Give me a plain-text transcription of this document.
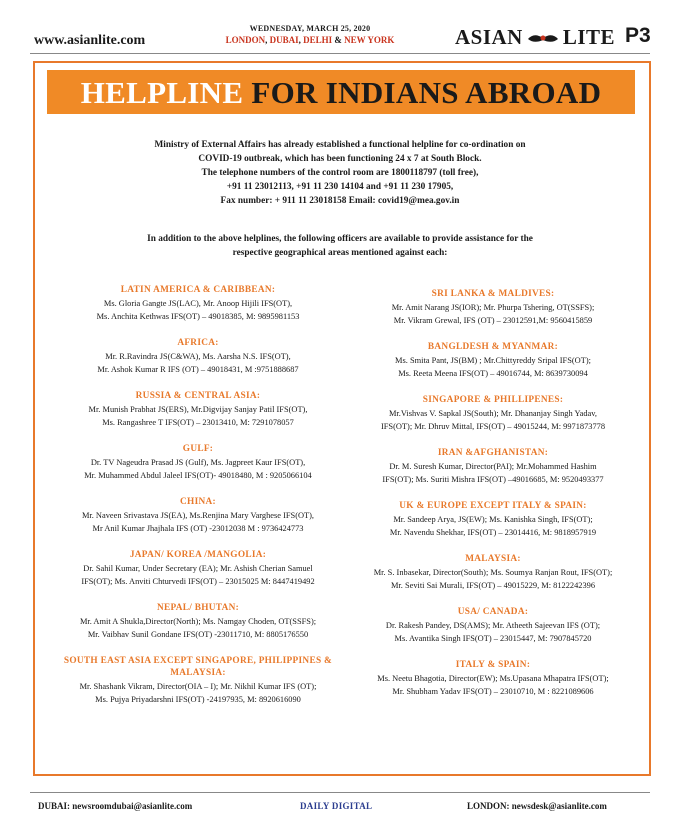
www.asianlite.com
WEDNESDAY, MARCH 25, 2020
LONDON, DUBAI, DELHI & NEW YORK	ASIAN LITE P3
HELPLINE FOR INDIANS ABROAD
Ministry of External Affairs has already established a functional helpline for co-ordination on
COVID-19 outbreak, which has been functioning 24 x 7 at South Block.
The telephone numbers of the control room are 1800118797 (toll free),
+91 11 23012113, +91 11 230 14104 and +91 11 230 17905,
Fax number: + 911 11 23018158 Email: covid19@mea.gov.in
In addition to the above helplines, the following officers are available to provide assistance for the
respective geographical areas mentioned against each:
LATIN AMERICA & CARIBBEAN:
Ms. Gloria Gangte JS(LAC), Mr. Anoop Hijili IFS(OT),
Ms. Anchita Kethwas IFS(OT) – 49018385, M: 9895981153
AFRICA:
Mr. R.Ravindra JS(C&WA), Ms. Aarsha N.S. IFS(OT),
Mr. Ashok Kumar R IFS (OT) – 49018431, M :9751888687
RUSSIA & CENTRAL ASIA:
Mr. Munish Prabhat JS(ERS), Mr.Digvijay Sanjay Patil IFS(OT),
Ms. Rangashree T IFS(OT) – 23013410, M: 7291078057
GULF:
Dr. TV Nageudra Prasad JS (Gulf), Ms. Jagpreet Kaur IFS(OT),
Mr. Muhammed Abdul Jaleel IFS(OT)- 49018480, M : 9205066104
CHINA:
Mr. Naveen Srivastava JS(EA), Ms.Renjina Mary Varghese IFS(OT),
Mr Anil Kumar Jhajhala IFS (OT) -23012038 M : 9736424773
JAPAN/ KOREA /MANGOLIA:
Dr. Sahil Kumar, Under Secretary (EA); Mr. Ashish Cherian Samuel
IFS(OT); Ms. Anviti Chturvedi IFS(OT) – 23015025 M: 8447419492
NEPAL/ BHUTAN:
Mr. Amit A Shukla,Director(North); Ms. Namgay Choden, OT(SSFS);
Mr. Vaibhav Sunil Gondane IFS(OT) -23011710, M: 8805176550
SOUTH EAST ASIA EXCEPT SINGAPORE, PHILIPPINES & MALAYSIA:
Mr. Shashank Vikram, Director(OIA – I); Mr. Nikhil Kumar IFS (OT);
Ms. Pujya Priyadarshni IFS(OT) -24197935, M: 8920616090
SRI LANKA & MALDIVES:
Mr. Amit Narang JS(IOR); Mr. Phurpa Tshering, OT(SSFS);
Mr. Vikram Grewal, IFS (OT) – 23012591,M: 9560415859
BANGLDESH & MYANMAR:
Ms. Smita Pant, JS(BM) ; Mr.Chittyreddy Sripal IFS(OT);
Ms. Reeta Meena IFS(OT) – 49016744, M: 8639730094
SINGAPORE & PHILLIPENES:
Mr.Vishvas V. Sapkal JS(South); Mr. Dhananjay Singh Yadav,
IFS(OT); Mr. Dhruv Mittal, IFS(OT) – 49015244, M: 9971873778
IRAN &AFGHANISTAN:
Dr. M. Suresh Kumar, Director(PAI); Mr.Mohammed Hashim
IFS(OT); Ms. Suriti Mishra IFS(OT) –49016685, M: 9520493377
UK & EUROPE EXCEPT ITALY & SPAIN:
Mr. Sandeep Arya, JS(EW); Ms. Kanishka Singh, IFS(OT);
Mr. Navendu Shekhar, IFS(OT) – 23014416, M: 9818957919
MALAYSIA:
Mr. S. Inbasekar, Director(South); Ms. Soumya Ranjan Rout, IFS(OT);
Mr. Seviti Sai Murali, IFS(OT) – 49015229, M: 8122242396
USA/ CANADA:
Dr. Rakesh Pandey, DS(AMS); Mr. Atheeth Sajeevan IFS (OT);
Ms. Avantika Singh IFS(OT) – 23015447, M: 7907845720
ITALY & SPAIN:
Ms. Neetu Bhagotia, Director(EW); Ms.Upasana Mhapatra IFS(OT);
Mr. Shubham Yadav IFS(OT) – 23010710, M : 8221089606
DUBAI: newsroomdubai@asianlite.com	DAILY DIGITAL	LONDON: newsdesk@asianlite.com
